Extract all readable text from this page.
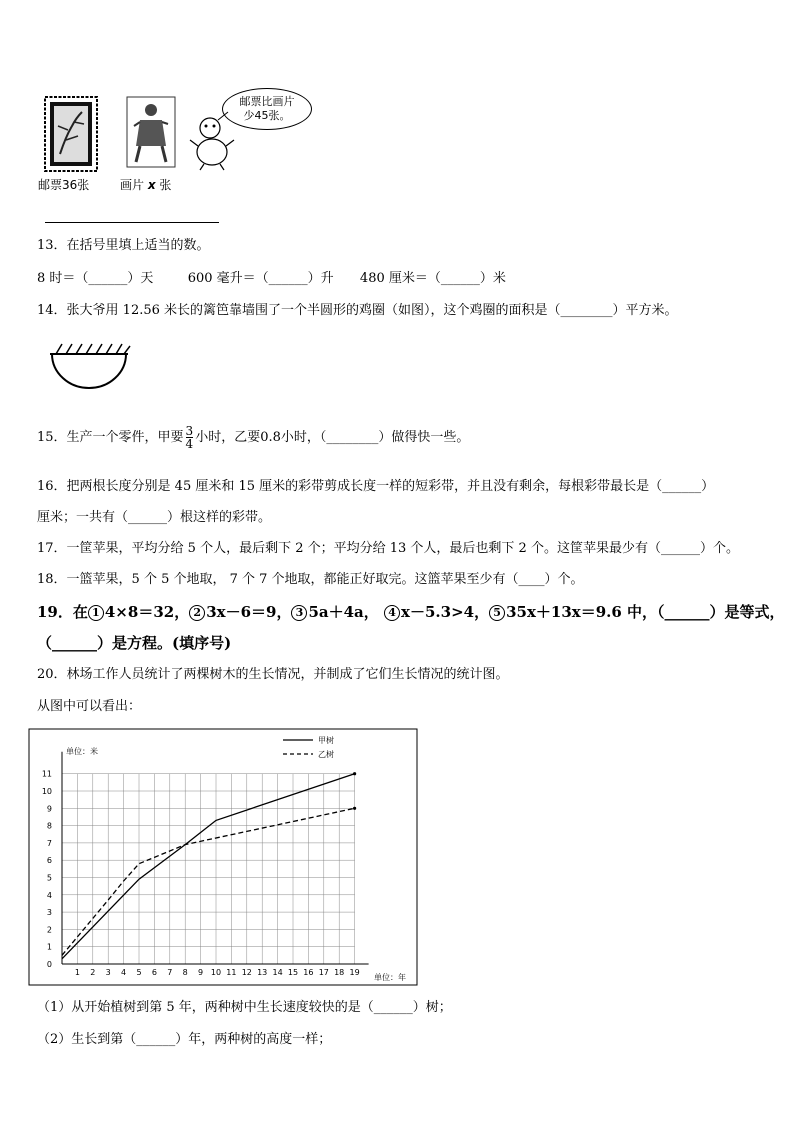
邮票比画片
少45张。
邮票36张	画片 x 张
13．在括号里填上适当的数。
8 时＝（______）天	600 毫升＝（______）升 480 厘米＝（______）米
14．张大爷用 12.56 米长的篱笆靠墙围了一个半圆形的鸡圈（如图），这个鸡圈的面积是（________）平方米。
15．生产一个零件，甲要 $\frac{3}{4}$ 小时，乙要0.8小时，（________）做得快一些。
16．把两根长度分别是 45 厘米和 15 厘米的彩带剪成长度一样的短彩带，并且没有剩余，每根彩带最长是（______）
厘米；一共有（______）根这样的彩带。
17．一筐苹果，平均分给 5 个人，最后剩下 2 个；平均分给 13 个人，最后也剩下 2 个。这筐苹果最少有（______）个。
18．一篮苹果，5 个 5 个地取， 7 个 7 个地取，都能正好取完。这篮苹果至少有（____）个。
19．在 1 4×8＝32， 2 3x－6＝9， 3 5a＋4a， 4 x－5.3>4， 5 35x＋13x＝9.6 中，（______）是等式，
（______）是方程。(填序号)
20．林场工作人员统计了两棵树木的生长情况，并制成了它们生长情况的统计图。
从图中可以看出：
1 2 3 4 5 6 7 8 9 10 11 12 13 14 15 16 17 18 19
0
1
2
3
4
5
6
7
8
9
10
11
单位：米
单位：年
甲树
乙树
（1）从开始植树到第 5 年，两种树中生长速度较快的是（______）树；
（2）生长到第（______）年，两种树的高度一样；
